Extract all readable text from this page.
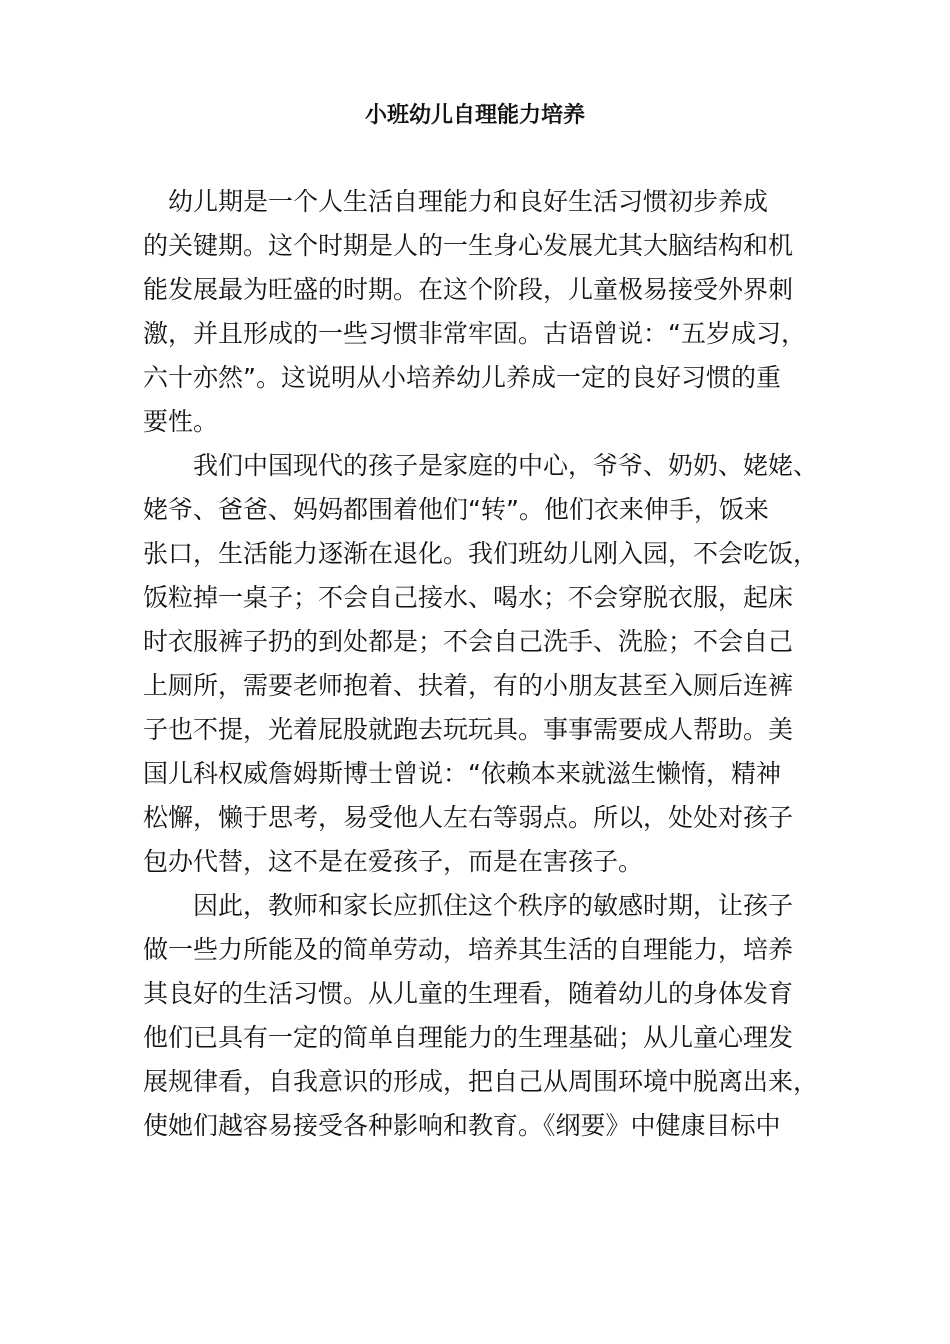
小班幼儿自理能力培养
　幼儿期是一个人生活自理能力和良好生活习惯初步养成
的关键期。这个时期是人的一生身心发展尤其大脑结构和机
能发展最为旺盛的时期。在这个阶段，儿童极易接受外界刺
激，并且形成的一些习惯非常牢固。古语曾说：“五岁成习，
六十亦然”。这说明从小培养幼儿养成一定的良好习惯的重
要性。
　　我们中国现代的孩子是家庭的中心，爷爷、奶奶、姥姥、
姥爷、爸爸、妈妈都围着他们“转”。他们衣来伸手，饭来
张口，生活能力逐渐在退化。我们班幼儿刚入园，不会吃饭，
饭粒掉一桌子；不会自己接水、喝水；不会穿脱衣服，起床
时衣服裤子扔的到处都是；不会自己洗手、洗脸；不会自己
上厕所，需要老师抱着、扶着，有的小朋友甚至入厕后连裤
子也不提，光着屁股就跑去玩玩具。事事需要成人帮助。美
国儿科权威詹姆斯博士曾说：“依赖本来就滋生懒惰，精神
松懈，懒于思考，易受他人左右等弱点。所以，处处对孩子
包办代替，这不是在爱孩子，而是在害孩子。
　　因此，教师和家长应抓住这个秩序的敏感时期，让孩子
做一些力所能及的简单劳动，培养其生活的自理能力，培养
其良好的生活习惯。从儿童的生理看，随着幼儿的身体发育
他们已具有一定的简单自理能力的生理基础；从儿童心理发
展规律看，自我意识的形成，把自己从周围环境中脱离出来，
使她们越容易接受各种影响和教育。《纲要》中健康目标中
